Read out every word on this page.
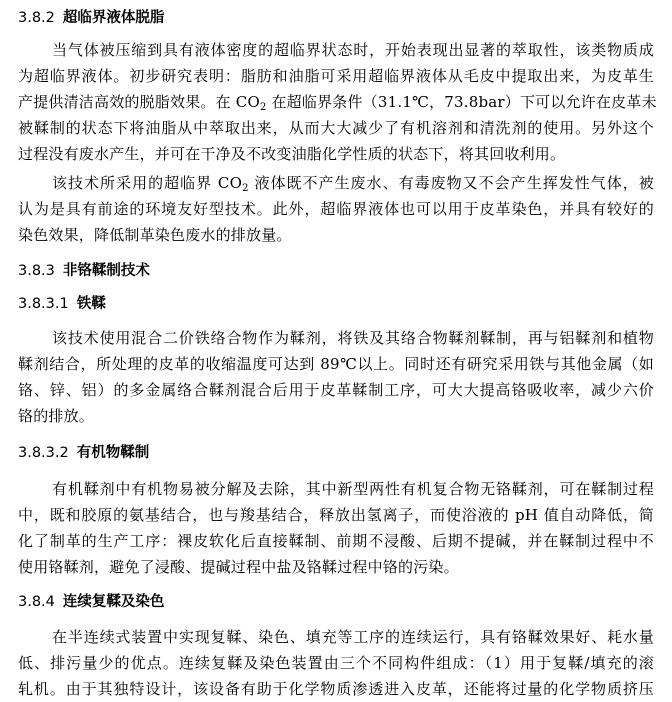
3.8.2 超临界液体脱脂
当气体被压缩到具有液体密度的超临界状态时，开始表现出显著的萃取性，该类物质成
为超临界液体。初步研究表明：脂肪和油脂可采用超临界液体从毛皮中提取出来，为皮革生
产提供清洁高效的脱脂效果。在 $CO_2$ 在超临界条件（31.1℃，73.8bar）下可以允许在皮革未
被鞣制的状态下将油脂从中萃取出来，从而大大减少了有机溶剂和清洗剂的使用。另外这个
过程没有废水产生，并可在干净及不改变油脂化学性质的状态下，将其回收利用。
该技术所采用的超临界 $CO_2$ 液体既不产生废水、有毒废物又不会产生挥发性气体，被
认为是具有前途的环境友好型技术。此外，超临界液体也可以用于皮革染色，并具有较好的
染色效果，降低制革染色废水的排放量。
3.8.3 非铬鞣制技术
3.8.3.1 铁鞣
该技术使用混合二价铁络合物作为鞣剂，将铁及其络合物鞣剂鞣制，再与铝鞣剂和植物
鞣剂结合，所处理的皮革的收缩温度可达到 89℃以上。同时还有研究采用铁与其他金属（如
铬、锌、铝）的多金属络合鞣剂混合后用于皮革鞣制工序，可大大提高铬吸收率，减少六价
铬的排放。
3.8.3.2 有机物鞣制
有机鞣剂中有机物易被分解及去除，其中新型两性有机复合物无铬鞣剂，可在鞣制过程
中，既和胶原的氨基结合，也与羧基结合，释放出氢离子，而使浴液的 pH 值自动降低，简
化了制革的生产工序：裸皮软化后直接鞣制、前期不浸酸、后期不提碱，并在鞣制过程中不
使用铬鞣剂，避免了浸酸、提碱过程中盐及铬鞣过程中铬的污染。
3.8.4 连续复鞣及染色
在半连续式装置中实现复鞣、染色、填充等工序的连续运行，具有铬鞣效果好、耗水量
低、排污量少的优点。连续复鞣及染色装置由三个不同构件组成：（1）用于复鞣/填充的滚
轧机。由于其独特设计，该设备有助于化学物质渗透进入皮革，还能将过量的化学物质挤压
